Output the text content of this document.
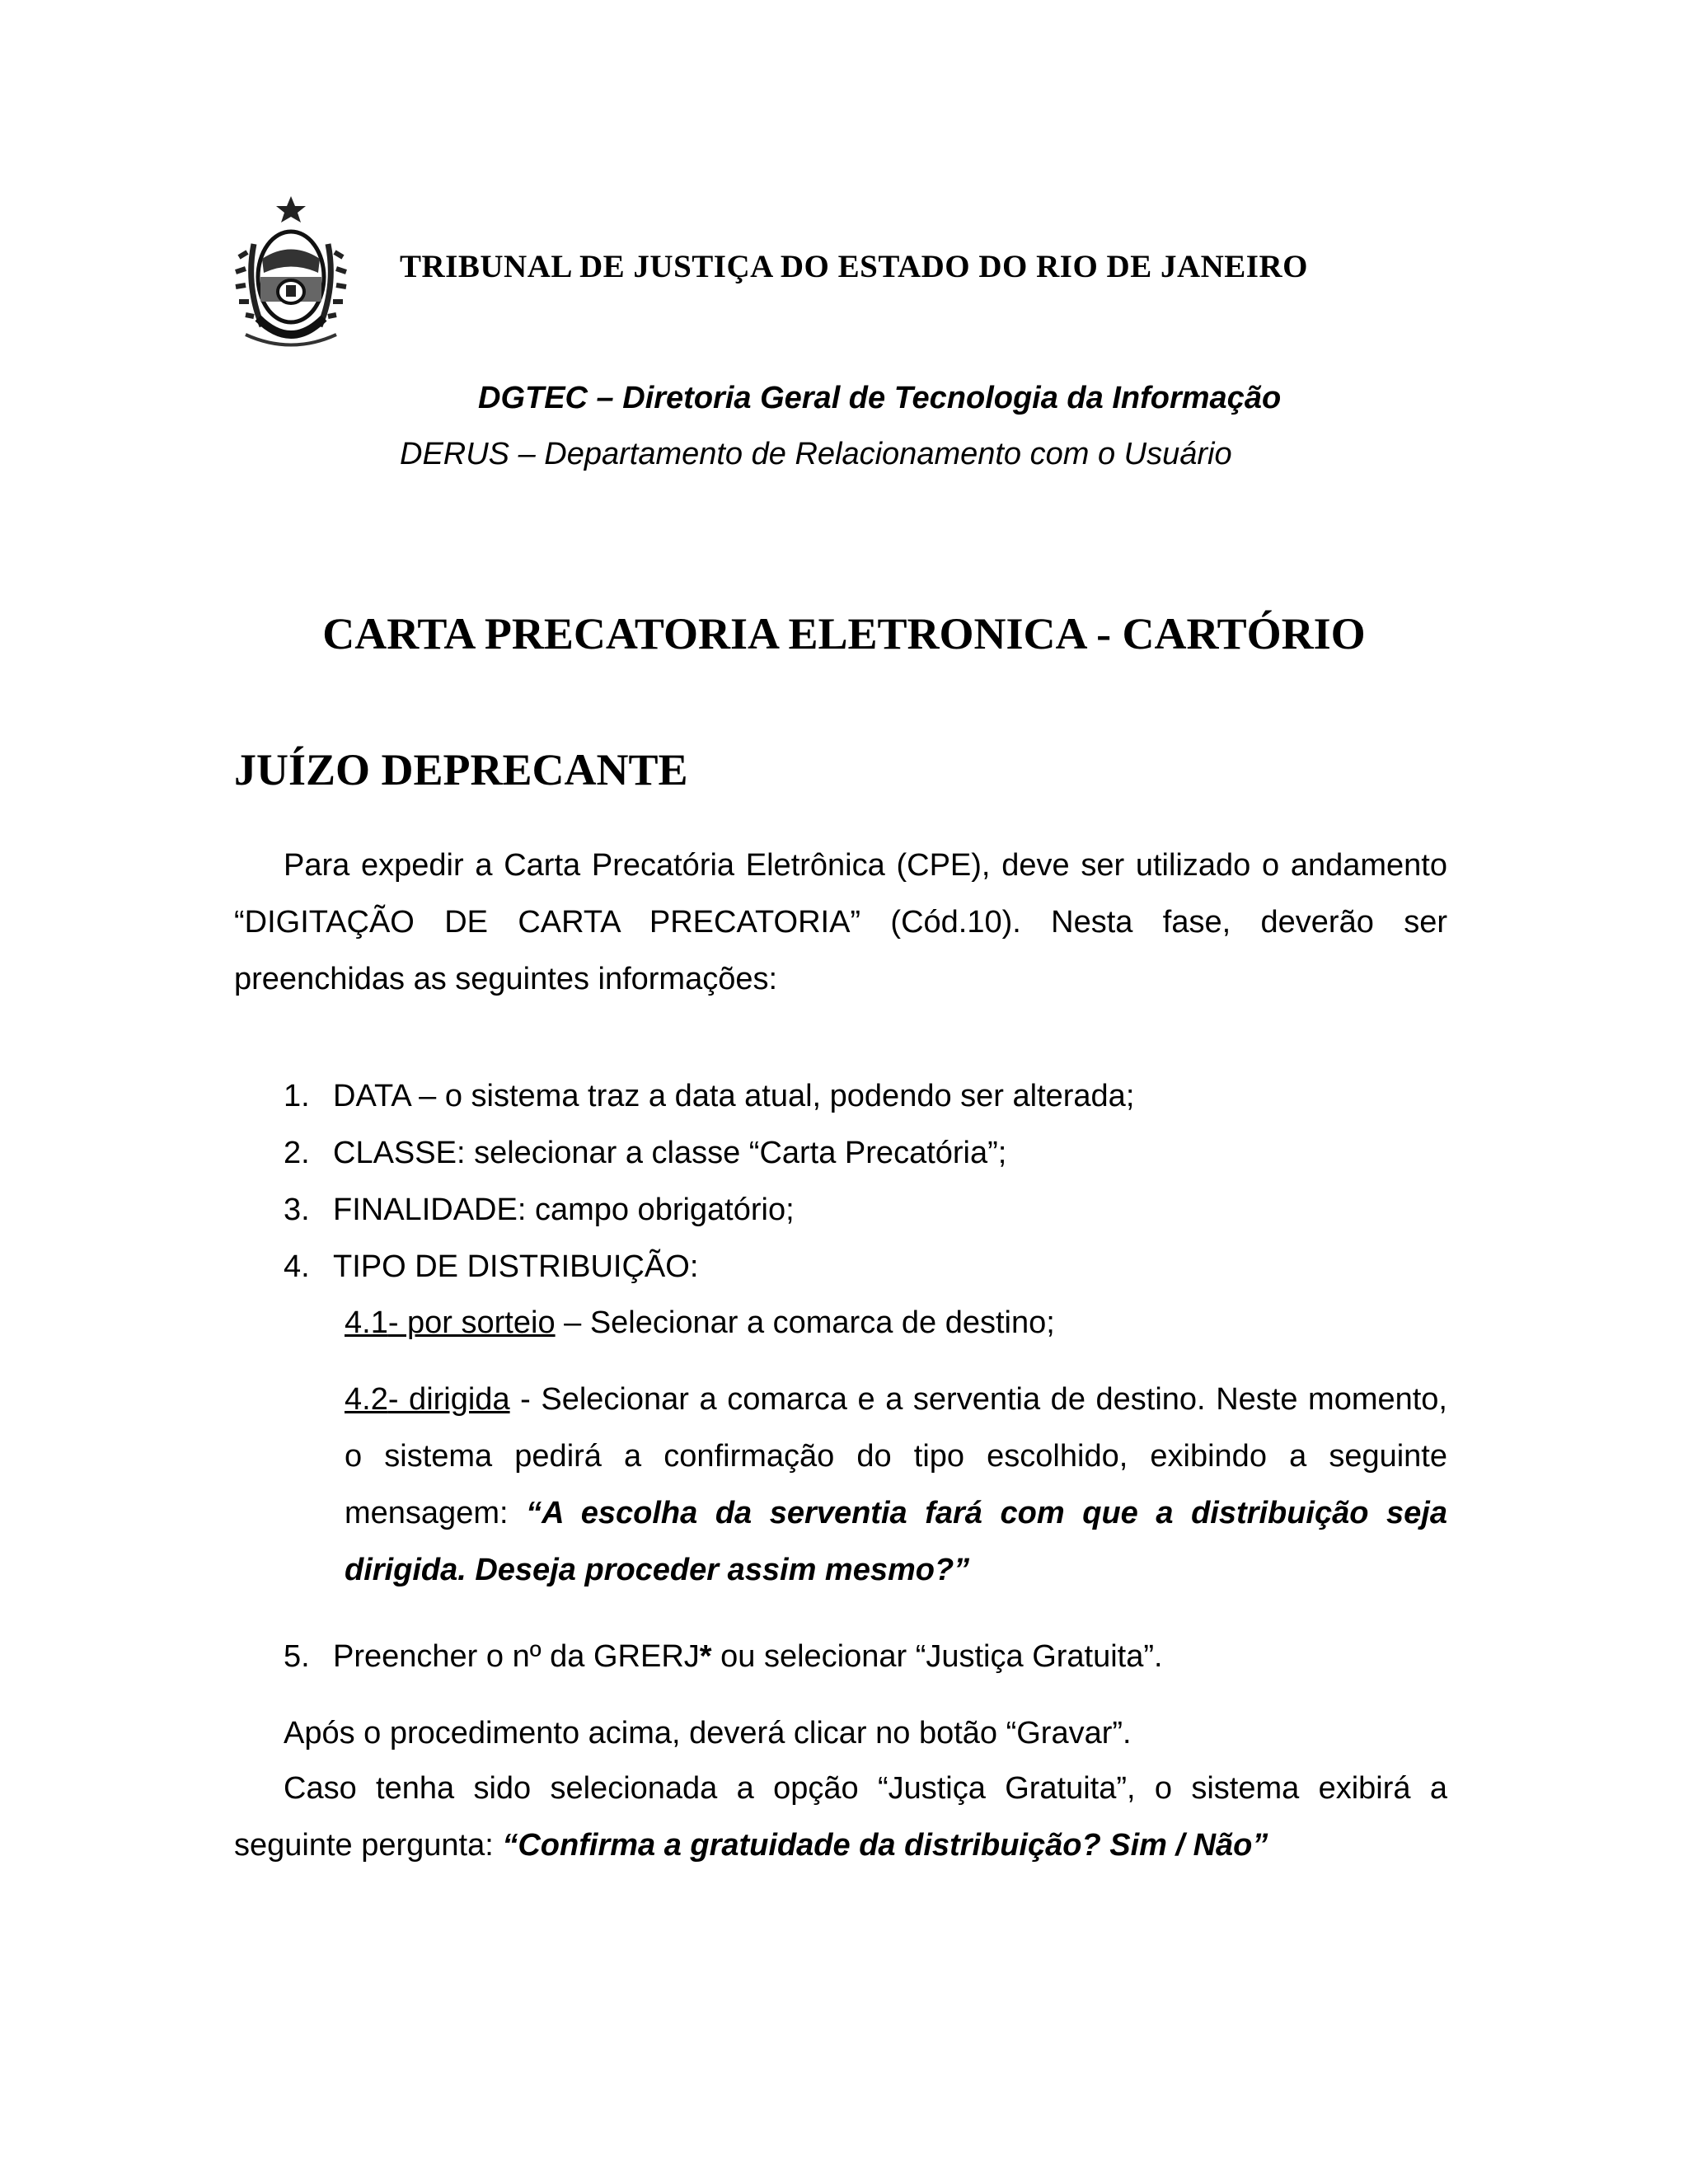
TRIBUNAL DE JUSTIÇA DO ESTADO DO RIO DE JANEIRO
DGTEC – Diretoria Geral de Tecnologia da Informação
DERUS – Departamento de Relacionamento com o Usuário
CARTA PRECATORIA ELETRONICA - CARTÓRIO
JUÍZO DEPRECANTE
Para expedir a Carta Precatória Eletrônica (CPE), deve ser utilizado o andamento “DIGITAÇÃO DE CARTA PRECATORIA” (Cód.10). Nesta fase, deverão ser preenchidas as seguintes informações:
1. DATA – o sistema traz a data atual, podendo ser alterada;
2. CLASSE: selecionar a classe “Carta Precatória”;
3. FINALIDADE: campo obrigatório;
4. TIPO DE DISTRIBUIÇÃO:
4.1- por sorteio – Selecionar a comarca de destino;
4.2- dirigida - Selecionar a comarca e a serventia de destino. Neste momento, o sistema pedirá a confirmação do tipo escolhido, exibindo a seguinte mensagem: “A escolha da serventia fará com que a distribuição seja dirigida. Deseja proceder assim mesmo?”
5. Preencher o nº da GRERJ* ou selecionar “Justiça Gratuita”.
Após o procedimento acima, deverá clicar no botão “Gravar”.
Caso tenha sido selecionada a opção “Justiça Gratuita”, o sistema exibirá a seguinte pergunta: “Confirma a gratuidade da distribuição? Sim / Não”
